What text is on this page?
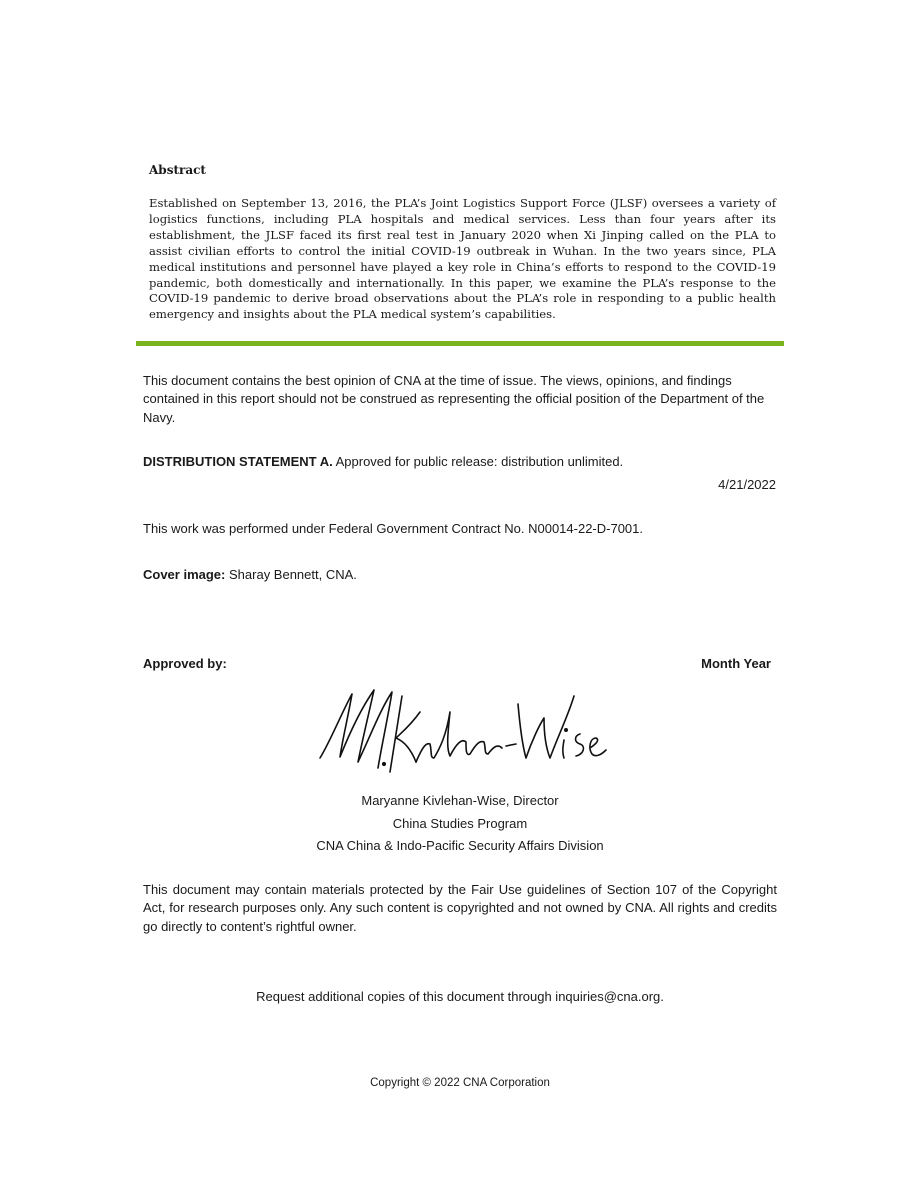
Abstract
Established on September 13, 2016, the PLA’s Joint Logistics Support Force (JLSF) oversees a variety of logistics functions, including PLA hospitals and medical services. Less than four years after its establishment, the JLSF faced its first real test in January 2020 when Xi Jinping called on the PLA to assist civilian efforts to control the initial COVID-19 outbreak in Wuhan. In the two years since, PLA medical institutions and personnel have played a key role in China’s efforts to respond to the COVID-19 pandemic, both domestically and internationally. In this paper, we examine the PLA’s response to the COVID-19 pandemic to derive broad observations about the PLA’s role in responding to a public health emergency and insights about the PLA medical system’s capabilities.
This document contains the best opinion of CNA at the time of issue. The views, opinions, and findings contained in this report should not be construed as representing the official position of the Department of the Navy.
DISTRIBUTION STATEMENT A. Approved for public release: distribution unlimited.
4/21/2022
This work was performed under Federal Government Contract No. N00014-22-D-7001.
Cover image: Sharay Bennett, CNA.
Approved by:	Month Year
Maryanne Kivlehan-Wise, Director
China Studies Program
CNA China & Indo-Pacific Security Affairs Division
This document may contain materials protected by the Fair Use guidelines of Section 107 of the Copyright Act, for research purposes only. Any such content is copyrighted and not owned by CNA. All rights and credits go directly to content’s rightful owner.
Request additional copies of this document through inquiries@cna.org.
Copyright © 2022 CNA Corporation
